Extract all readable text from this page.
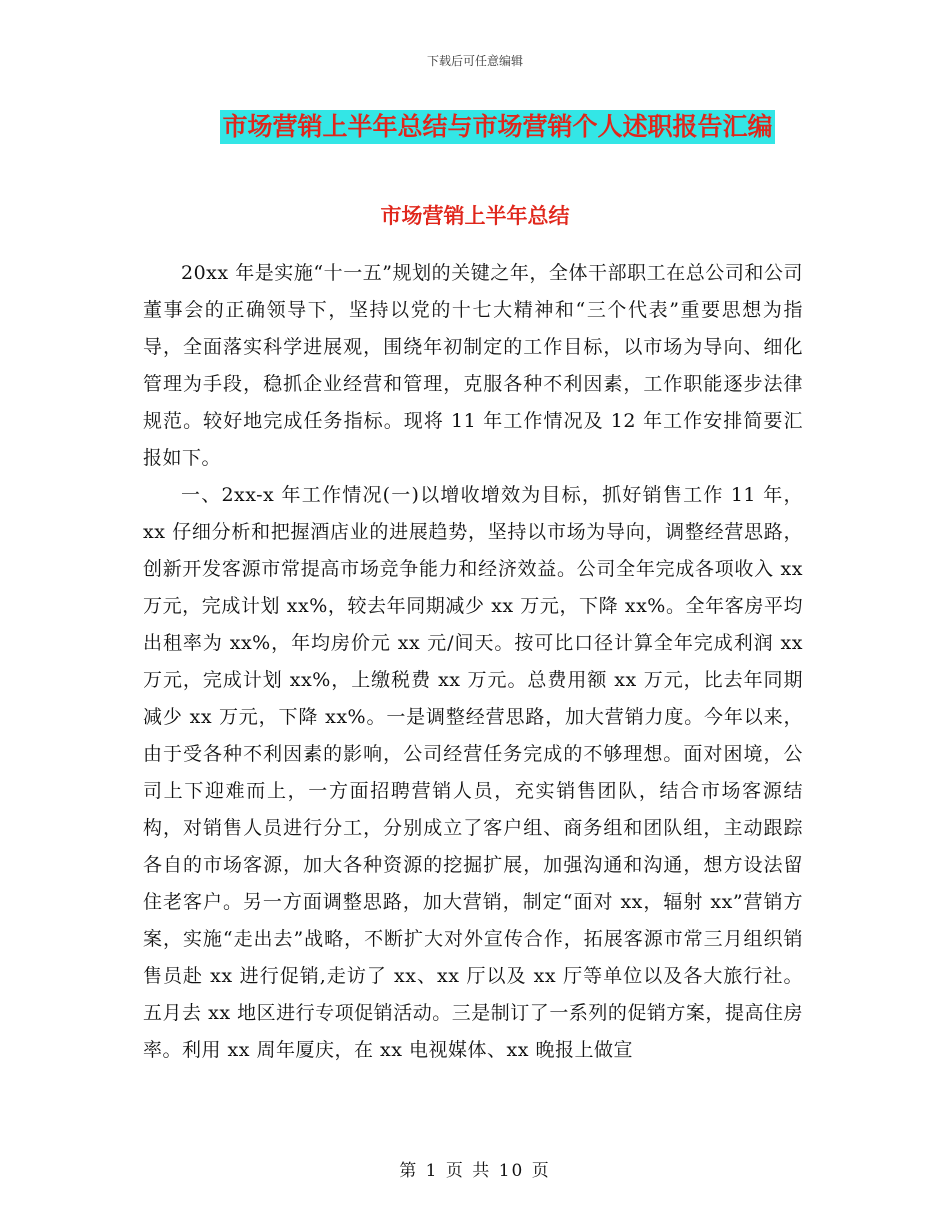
下载后可任意编辑
市场营销上半年总结与市场营销个人述职报告汇编
市场营销上半年总结

20xx 年是实施“十一五”规划的关键之年，全体干部职工在总公司和公司董事会的正确领导下，坚持以党的十七大精神和“三个代表”重要思想为指导，全面落实科学进展观，围绕年初制定的工作目标，以市场为导向、细化管理为手段，稳抓企业经营和管理，克服各种不利因素，工作职能逐步法律规范。较好地完成任务指标。现将 11 年工作情况及 12 年工作安排简要汇报如下。

一、2xx-x 年工作情况(一)以增收增效为目标，抓好销售工作 11 年，xx 仔细分析和把握酒店业的进展趋势，坚持以市场为导向，调整经营思路，创新开发客源市常提高市场竞争能力和经济效益。公司全年完成各项收入 xx 万元，完成计划 xx%，较去年同期减少 xx 万元，下降 xx%。全年客房平均出租率为 xx%，年均房价元 xx 元/间天。按可比口径计算全年完成利润 xx 万元，完成计划 xx%，上缴税费 xx 万元。总费用额 xx 万元，比去年同期减少 xx 万元，下降 xx%。一是调整经营思路，加大营销力度。今年以来，由于受各种不利因素的影响，公司经营任务完成的不够理想。面对困境，公司上下迎难而上，一方面招聘营销人员，充实销售团队，结合市场客源结构，对销售人员进行分工，分别成立了客户组、商务组和团队组，主动跟踪各自的市场客源，加大各种资源的挖掘扩展，加强沟通和沟通，想方设法留住老客户。另一方面调整思路，加大营销，制定“面对 xx，辐射 xx”营销方案，实施“走出去”战略，不断扩大对外宣传合作，拓展客源市常三月组织销售员赴 xx 进行促销,走访了 xx、xx 厅以及 xx 厅等单位以及各大旅行社。五月去 xx 地区进行专项促销活动。三是制订了一系列的促销方案，提高住房率。利用 xx 周年厦庆，在 xx 电视媒体、xx 晚报上做宣

第 1 页 共 10 页
